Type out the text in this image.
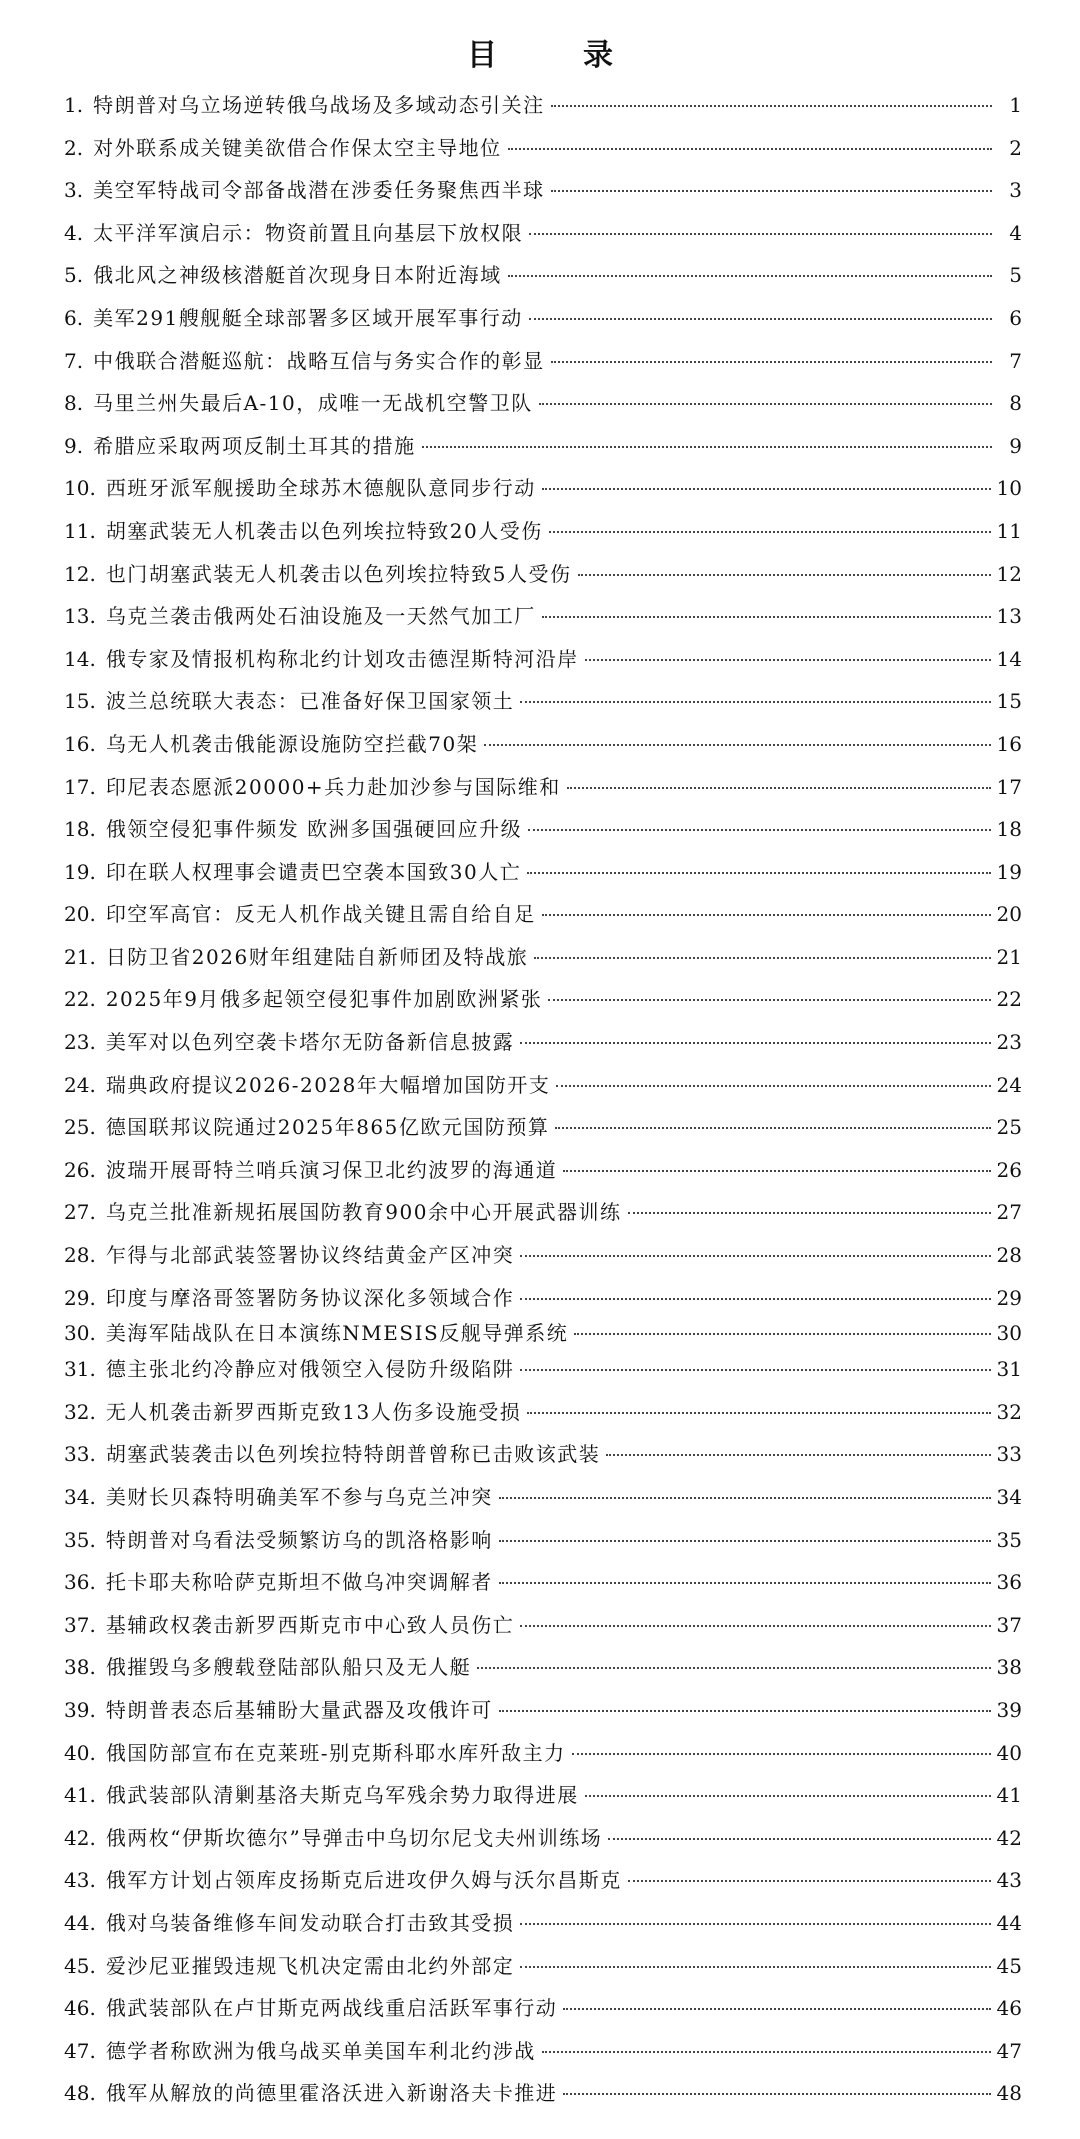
目　录
1. 特朗普对乌立场逆转俄乌战场及多域动态引关注	1
2. 对外联系成关键美欲借合作保太空主导地位	2
3. 美空军特战司令部备战潜在涉委任务聚焦西半球	3
4. 太平洋军演启示：物资前置且向基层下放权限	4
5. 俄北风之神级核潜艇首次现身日本附近海域	5
6. 美军291艘舰艇全球部署多区域开展军事行动	6
7. 中俄联合潜艇巡航：战略互信与务实合作的彰显	7
8. 马里兰州失最后A-10，成唯一无战机空警卫队	8
9. 希腊应采取两项反制土耳其的措施	9
10. 西班牙派军舰援助全球苏木德舰队意同步行动	10
11. 胡塞武装无人机袭击以色列埃拉特致20人受伤	11
12. 也门胡塞武装无人机袭击以色列埃拉特致5人受伤	12
13. 乌克兰袭击俄两处石油设施及一天然气加工厂	13
14. 俄专家及情报机构称北约计划攻击德涅斯特河沿岸	14
15. 波兰总统联大表态：已准备好保卫国家领土	15
16. 乌无人机袭击俄能源设施防空拦截70架	16
17. 印尼表态愿派20000+兵力赴加沙参与国际维和	17
18. 俄领空侵犯事件频发 欧洲多国强硬回应升级	18
19. 印在联人权理事会谴责巴空袭本国致30人亡	19
20. 印空军高官：反无人机作战关键且需自给自足	20
21. 日防卫省2026财年组建陆自新师团及特战旅	21
22. 2025年9月俄多起领空侵犯事件加剧欧洲紧张	22
23. 美军对以色列空袭卡塔尔无防备新信息披露	23
24. 瑞典政府提议2026-2028年大幅增加国防开支	24
25. 德国联邦议院通过2025年865亿欧元国防预算	25
26. 波瑞开展哥特兰哨兵演习保卫北约波罗的海通道	26
27. 乌克兰批准新规拓展国防教育900余中心开展武器训练	27
28. 乍得与北部武装签署协议终结黄金产区冲突	28
29. 印度与摩洛哥签署防务协议深化多领域合作	29
30. 美海军陆战队在日本演练NMESIS反舰导弹系统	30
31. 德主张北约冷静应对俄领空入侵防升级陷阱	31
32. 无人机袭击新罗西斯克致13人伤多设施受损	32
33. 胡塞武装袭击以色列埃拉特特朗普曾称已击败该武装	33
34. 美财长贝森特明确美军不参与乌克兰冲突	34
35. 特朗普对乌看法受频繁访乌的凯洛格影响	35
36. 托卡耶夫称哈萨克斯坦不做乌冲突调解者	36
37. 基辅政权袭击新罗西斯克市中心致人员伤亡	37
38. 俄摧毁乌多艘载登陆部队船只及无人艇	38
39. 特朗普表态后基辅盼大量武器及攻俄许可	39
40. 俄国防部宣布在克莱班-别克斯科耶水库歼敌主力	40
41. 俄武装部队清剿基洛夫斯克乌军残余势力取得进展	41
42. 俄两枚“伊斯坎德尔”导弹击中乌切尔尼戈夫州训练场	42
43. 俄军方计划占领库皮扬斯克后进攻伊久姆与沃尔昌斯克	43
44. 俄对乌装备维修车间发动联合打击致其受损	44
45. 爱沙尼亚摧毁违规飞机决定需由北约外部定	45
46. 俄武装部队在卢甘斯克两战线重启活跃军事行动	46
47. 德学者称欧洲为俄乌战买单美国车利北约涉战	47
48. 俄军从解放的尚德里霍洛沃进入新谢洛夫卡推进	48
